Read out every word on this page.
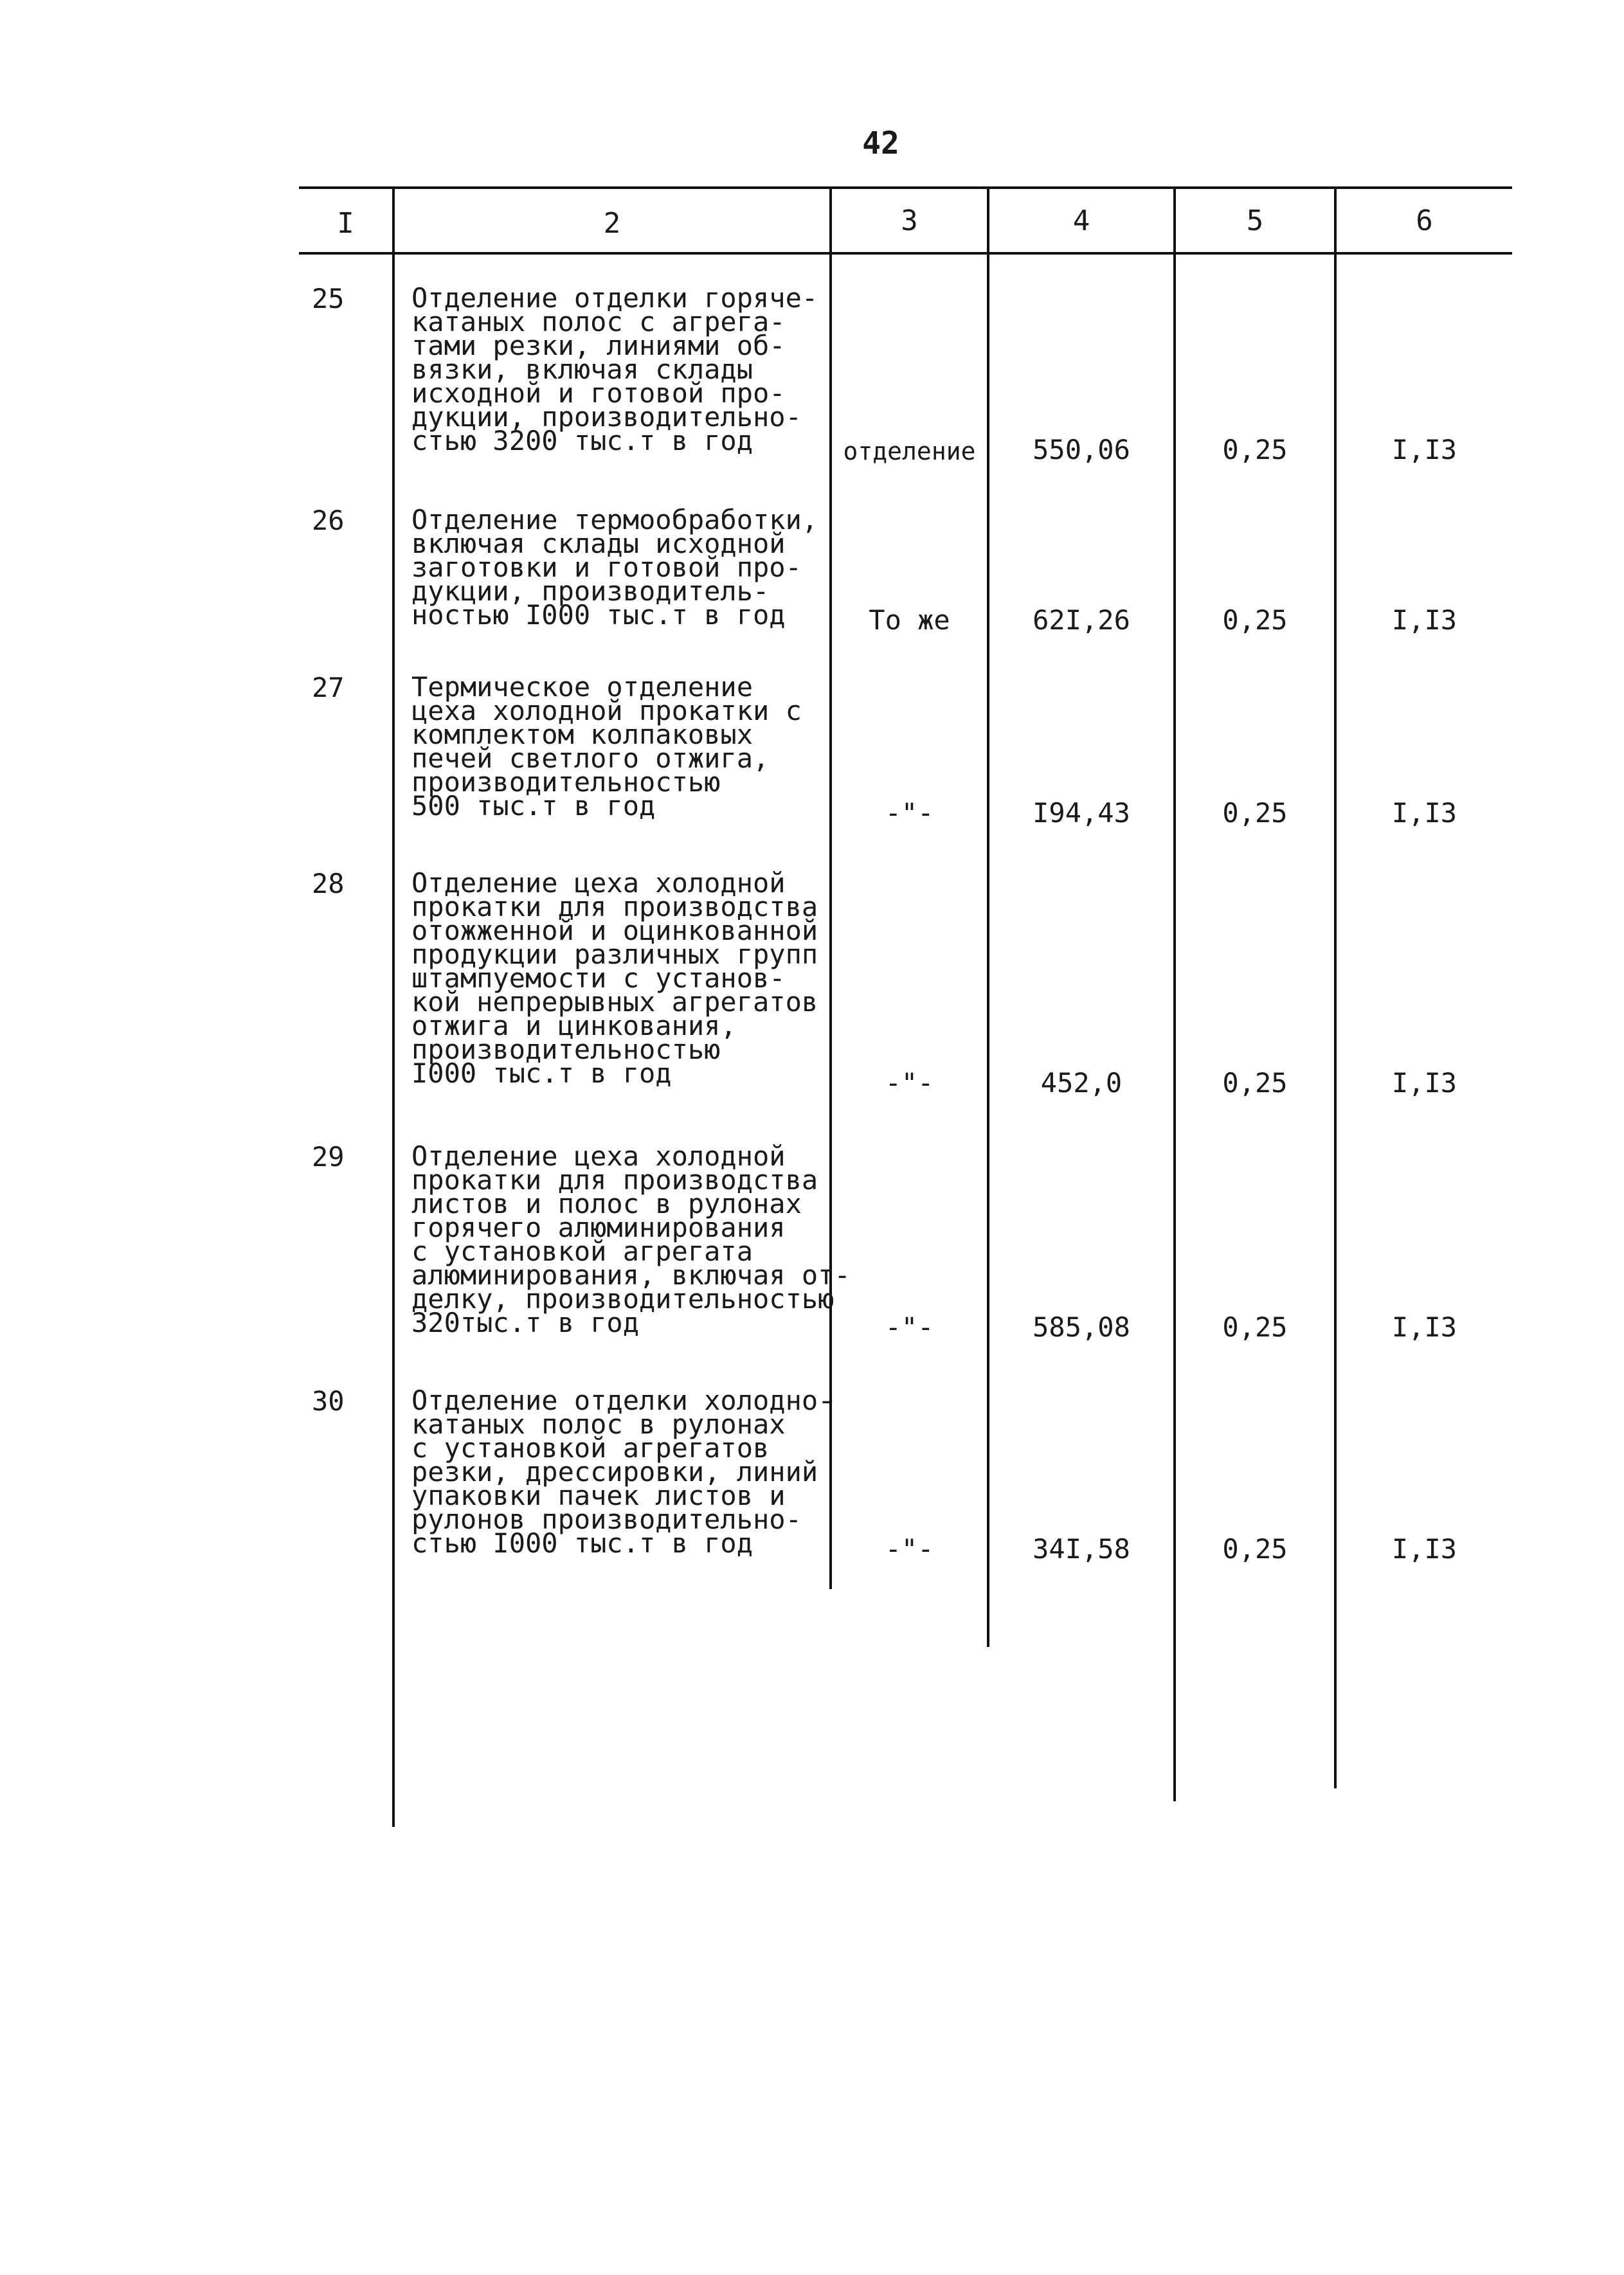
42
I	2	3	4	5	6
25 Отделение отделки горяче-
катаных полос с агрега-
тами резки, линиями об-
вязки, включая склады
исходной и готовой про-
дукции, производительно-
стью 3200 тыс.т в год	отделение	550,06	0,25	I,I3
26 Отделение термообработки,
включая склады исходной
заготовки и готовой про-
дукции, производитель-
ностью I000 тыс.т в год	То же	62I,26	0,25	I,I3
27 Термическое отделение
цеха холодной прокатки с
комплектом колпаковых
печей светлого отжига,
производительностью
500 тыс.т в год	-"-	I94,43	0,25	I,I3
28 Отделение цеха холодной
прокатки для производства
отожженной и оцинкованной
продукции различных групп
штампуемости с установ-
кой непрерывных агрегатов
отжига и цинкования,
производительностью
I000 тыс.т в год	-"-	452,0	0,25	I,I3
29 Отделение цеха холодной
прокатки для производства
листов и полос в рулонах
горячего алюминирования
с установкой агрегата
алюминирования, включая от-
делку, производительностью
320тыс.т в год	-"-	585,08	0,25	I,I3
30 Отделение отделки холодно-
катаных полос в рулонах
с установкой агрегатов
резки, дрессировки, линий
упаковки пачек листов и
рулонов производительно-
стью I000 тыс.т в год	-"-	34I,58	0,25	I,I3
